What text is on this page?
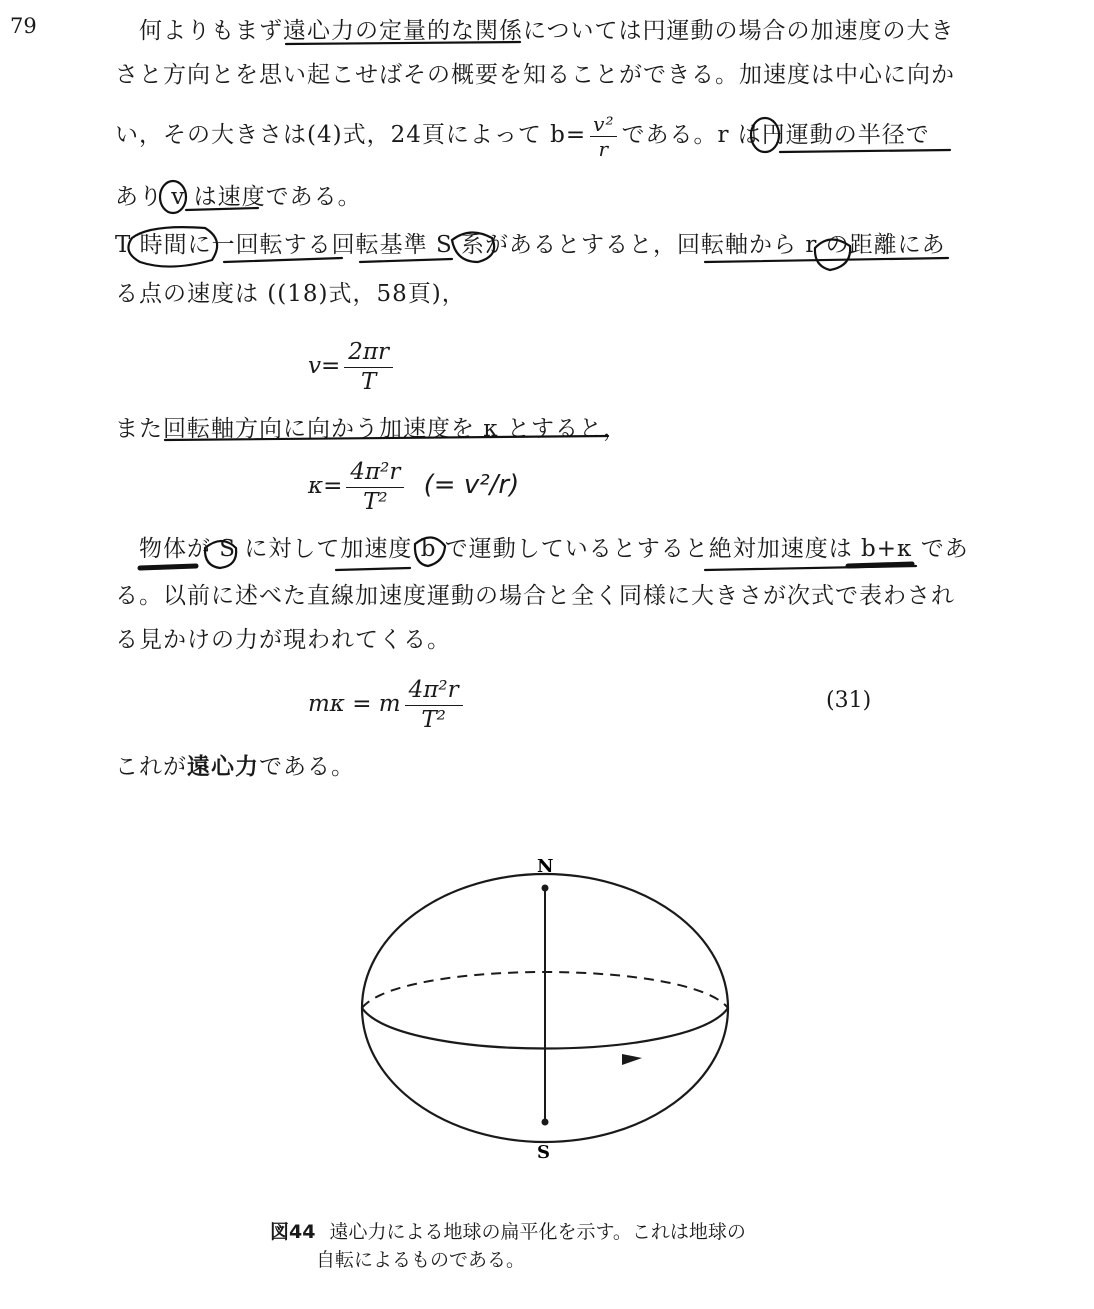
79	何よりもまず遠心力の定量的な関係については円運動の場合の加速度の大き

さと方向とを思い起こせばその概要を知ることができる。加速度は中心に向か

い，その大きさは(4)式，24頁によって $b= \frac{\text{v²}}{r}$ である。r は円運動の半径で

あり v は速度である。

T 時間に一回転する回転基準 S 系があるとすると，回転軸から r の距離にあ

る点の速度は ((18)式，58頁)，

$v= \frac{2\pi r}{T}$

また回転軸方向に向かう加速度を κ とすると，

$\kappa= \frac{\text{4π²r}}{\text{T²}}$ (= v²/r)

物体が S に対して加速度 b で運動しているとすると絶対加速度は b+κ であ

る。以前に述べた直線加速度運動の場合と全く同様に大きさが次式で表わされ

る見かけの力が現われてくる。

mκ = m $\frac{\text{4π²r}}{\text{T²}}$	(31)

これが遠心力である。

N
S
図44 遠心力による地球の扁平化を示す。これは地球の
自転によるものである。
